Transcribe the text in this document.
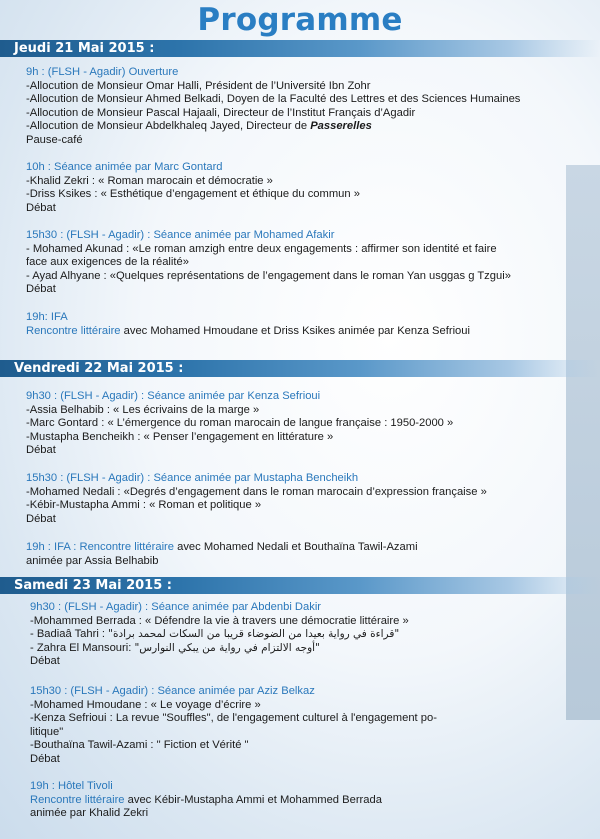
Programme
Jeudi 21 Mai 2015 :
9h : (FLSH - Agadir) Ouverture
-Allocution de Monsieur Omar Halli, Président de l’Université Ibn Zohr
-Allocution de Monsieur Ahmed Belkadi, Doyen de la Faculté des Lettres et des Sciences Humaines
-Allocution de Monsieur Pascal Hajaali, Directeur de l’Institut Français d’Agadir
-Allocution de Monsieur Abdelkhaleq Jayed, Directeur de Passerelles
Pause-café
10h : Séance animée par Marc Gontard
-Khalid Zekri : « Roman marocain et démocratie »
-Driss Ksikes : « Esthétique d’engagement et éthique du commun »
Débat
15h30 : (FLSH - Agadir) : Séance animée par Mohamed Afakir
- Mohamed Akunad : «Le roman amzigh entre deux engagements : affirmer son identité et faire
face aux exigences de la réalité»
- Ayad Alhyane : «Quelques représentations de l’engagement dans le roman Yan usggas g Tzgui»
Débat
19h: IFA
Rencontre littéraire avec Mohamed Hmoudane et Driss Ksikes animée par Kenza Sefrioui
Vendredi 22 Mai 2015 :
9h30 : (FLSH - Agadir) : Séance animée par Kenza Sefrioui
-Assia Belhabib : « Les écrivains de la marge »
-Marc Gontard : « L’émergence du roman marocain de langue française : 1950-2000 »
-Mustapha Bencheikh : « Penser l’engagement en littérature »
Débat
15h30 : (FLSH - Agadir) : Séance animée par Mustapha Bencheikh
-Mohamed Nedali : «Degrés d’engagement dans le roman marocain d’expression française »
-Kébir-Mustapha Ammi : « Roman et politique »
Débat
19h : IFA : Rencontre littéraire avec Mohamed Nedali et Bouthaïna Tawil-Azami
animée par Assia Belhabib
Samedi 23 Mai 2015 :
9h30 : (FLSH - Agadir) : Séance animée par Abdenbi Dakir
-Mohammed Berrada : « Défendre la vie à travers une démocratie littéraire »
- Badiaâ Tahri : "قراءة في رواية بعيدا من الضوضاء قريبا من السكات لمحمد برادة"
- Zahra El Mansouri: "أوجه الالتزام في رواية من يبكي النوارس"
Débat
15h30 : (FLSH - Agadir) : Séance animée par Aziz Belkaz
-Mohamed Hmoudane : « Le voyage d’écrire »
-Kenza Sefrioui : La revue "Souffles", de l'engagement culturel à l'engagement po-
litique"
-Bouthaïna Tawil-Azami : " Fiction et Vérité "
Débat
19h : Hôtel Tivoli
Rencontre littéraire avec Kébir-Mustapha Ammi et Mohammed Berrada
animée par Khalid Zekri
